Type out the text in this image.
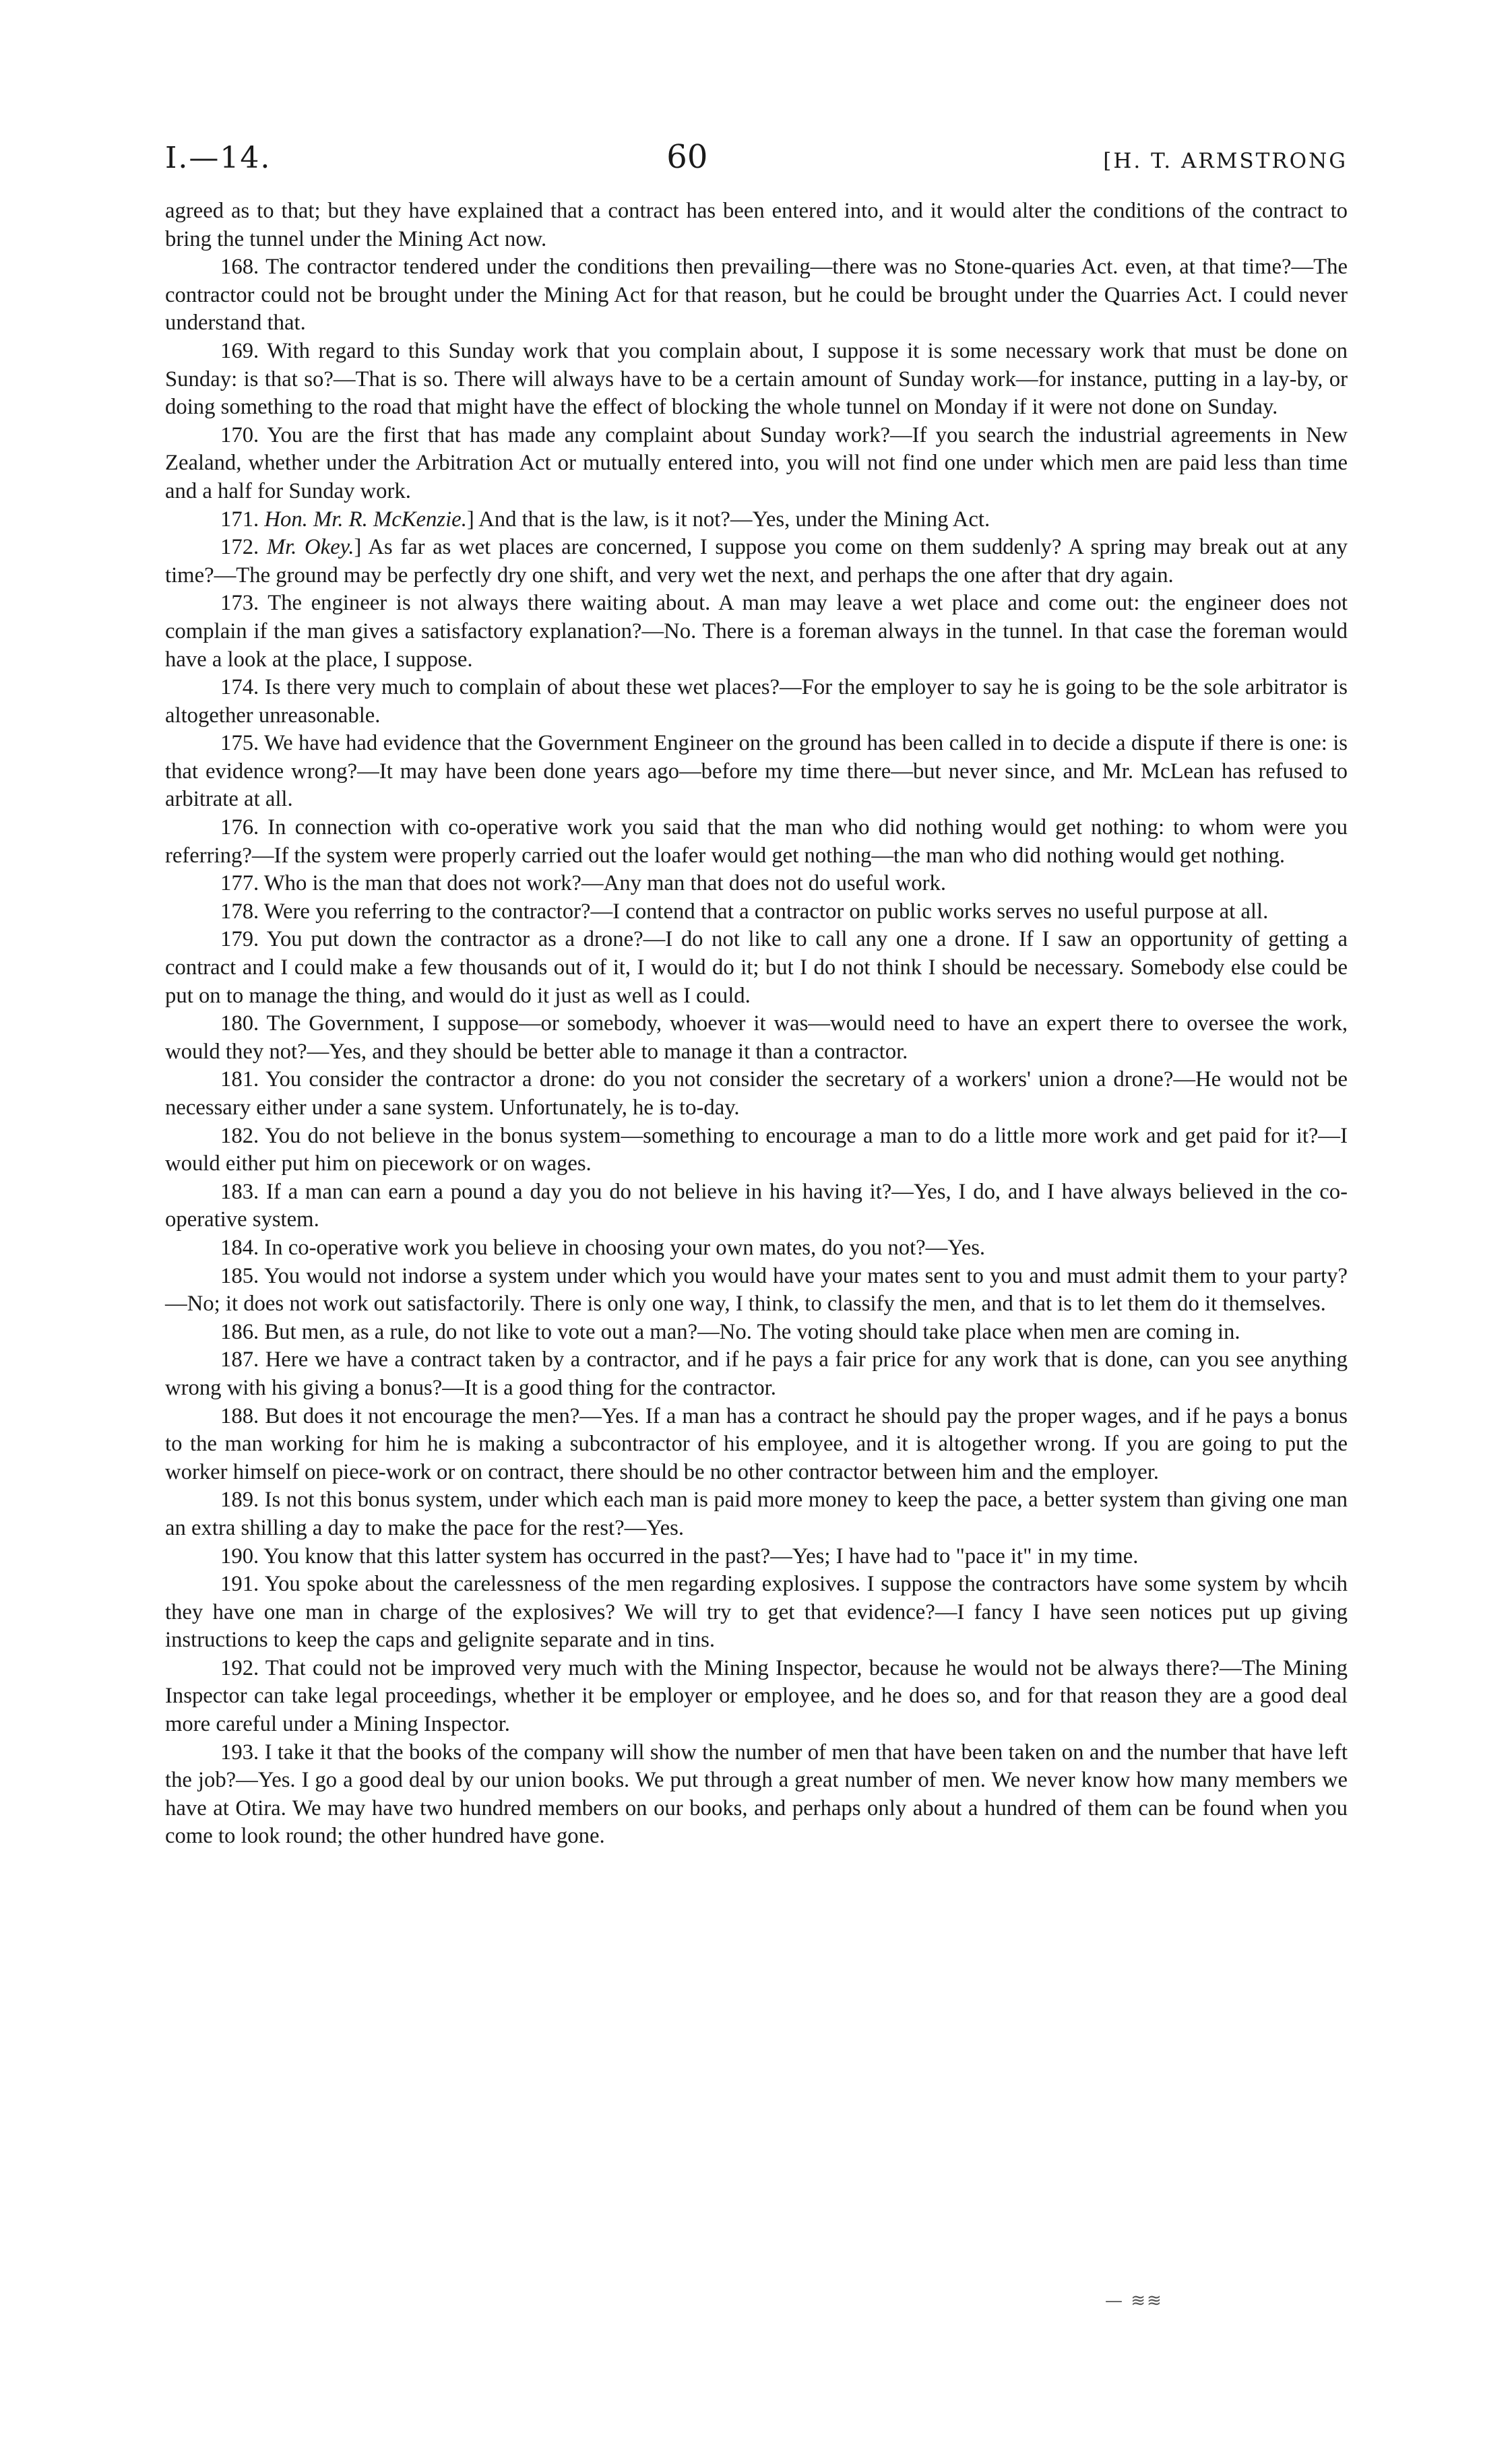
I.—14.	60	[H. T. ARMSTRONG

agreed as to that; but they have explained that a contract has been entered into, and it would alter the conditions of the contract to bring the tunnel under the Mining Act now.

168. The contractor tendered under the conditions then prevailing—there was no Stone-quaries Act. even, at that time?—The contractor could not be brought under the Mining Act for that reason, but he could be brought under the Quarries Act. I could never understand that.

169. With regard to this Sunday work that you complain about, I suppose it is some necessary work that must be done on Sunday: is that so?—That is so. There will always have to be a certain amount of Sunday work—for instance, putting in a lay-by, or doing something to the road that might have the effect of blocking the whole tunnel on Monday if it were not done on Sunday.

170. You are the first that has made any complaint about Sunday work?—If you search the industrial agreements in New Zealand, whether under the Arbitration Act or mutually entered into, you will not find one under which men are paid less than time and a half for Sunday work.

171. Hon. Mr. R. McKenzie.] And that is the law, is it not?—Yes, under the Mining Act.

172. Mr. Okey.] As far as wet places are concerned, I suppose you come on them suddenly? A spring may break out at any time?—The ground may be perfectly dry one shift, and very wet the next, and perhaps the one after that dry again.

173. The engineer is not always there waiting about. A man may leave a wet place and come out: the engineer does not complain if the man gives a satisfactory explanation?—No. There is a foreman always in the tunnel. In that case the foreman would have a look at the place, I suppose.

174. Is there very much to complain of about these wet places?—For the employer to say he is going to be the sole arbitrator is altogether unreasonable.

175. We have had evidence that the Government Engineer on the ground has been called in to decide a dispute if there is one: is that evidence wrong?—It may have been done years ago—before my time there—but never since, and Mr. McLean has refused to arbitrate at all.

176. In connection with co-operative work you said that the man who did nothing would get nothing: to whom were you referring?—If the system were properly carried out the loafer would get nothing—the man who did nothing would get nothing.

177. Who is the man that does not work?—Any man that does not do useful work.

178. Were you referring to the contractor?—I contend that a contractor on public works serves no useful purpose at all.

179. You put down the contractor as a drone?—I do not like to call any one a drone. If I saw an opportunity of getting a contract and I could make a few thousands out of it, I would do it; but I do not think I should be necessary. Somebody else could be put on to manage the thing, and would do it just as well as I could.

180. The Government, I suppose—or somebody, whoever it was—would need to have an expert there to oversee the work, would they not?—Yes, and they should be better able to manage it than a contractor.

181. You consider the contractor a drone: do you not consider the secretary of a workers' union a drone?—He would not be necessary either under a sane system. Unfortunately, he is to-day.

182. You do not believe in the bonus system—something to encourage a man to do a little more work and get paid for it?—I would either put him on piecework or on wages.

183. If a man can earn a pound a day you do not believe in his having it?—Yes, I do, and I have always believed in the co-operative system.

184. In co-operative work you believe in choosing your own mates, do you not?—Yes.

185. You would not indorse a system under which you would have your mates sent to you and must admit them to your party?—No; it does not work out satisfactorily. There is only one way, I think, to classify the men, and that is to let them do it themselves.

186. But men, as a rule, do not like to vote out a man?—No. The voting should take place when men are coming in.

187. Here we have a contract taken by a contractor, and if he pays a fair price for any work that is done, can you see anything wrong with his giving a bonus?—It is a good thing for the contractor.

188. But does it not encourage the men?—Yes. If a man has a contract he should pay the proper wages, and if he pays a bonus to the man working for him he is making a subcontractor of his employee, and it is altogether wrong. If you are going to put the worker himself on piece-work or on contract, there should be no other contractor between him and the employer.

189. Is not this bonus system, under which each man is paid more money to keep the pace, a better system than giving one man an extra shilling a day to make the pace for the rest?—Yes.

190. You know that this latter system has occurred in the past?—Yes; I have had to "pace it" in my time.

191. You spoke about the carelessness of the men regarding explosives. I suppose the contractors have some system by whcih they have one man in charge of the explosives? We will try to get that evidence?—I fancy I have seen notices put up giving instructions to keep the caps and gelignite separate and in tins.

192. That could not be improved very much with the Mining Inspector, because he would not be always there?—The Mining Inspector can take legal proceedings, whether it be employer or employee, and he does so, and for that reason they are a good deal more careful under a Mining Inspector.

193. I take it that the books of the company will show the number of men that have been taken on and the number that have left the job?—Yes. I go a good deal by our union books. We put through a great number of men. We never know how many members we have at Otira. We may have two hundred members on our books, and perhaps only about a hundred of them can be found when you come to look round; the other hundred have gone.

— ≋≋
